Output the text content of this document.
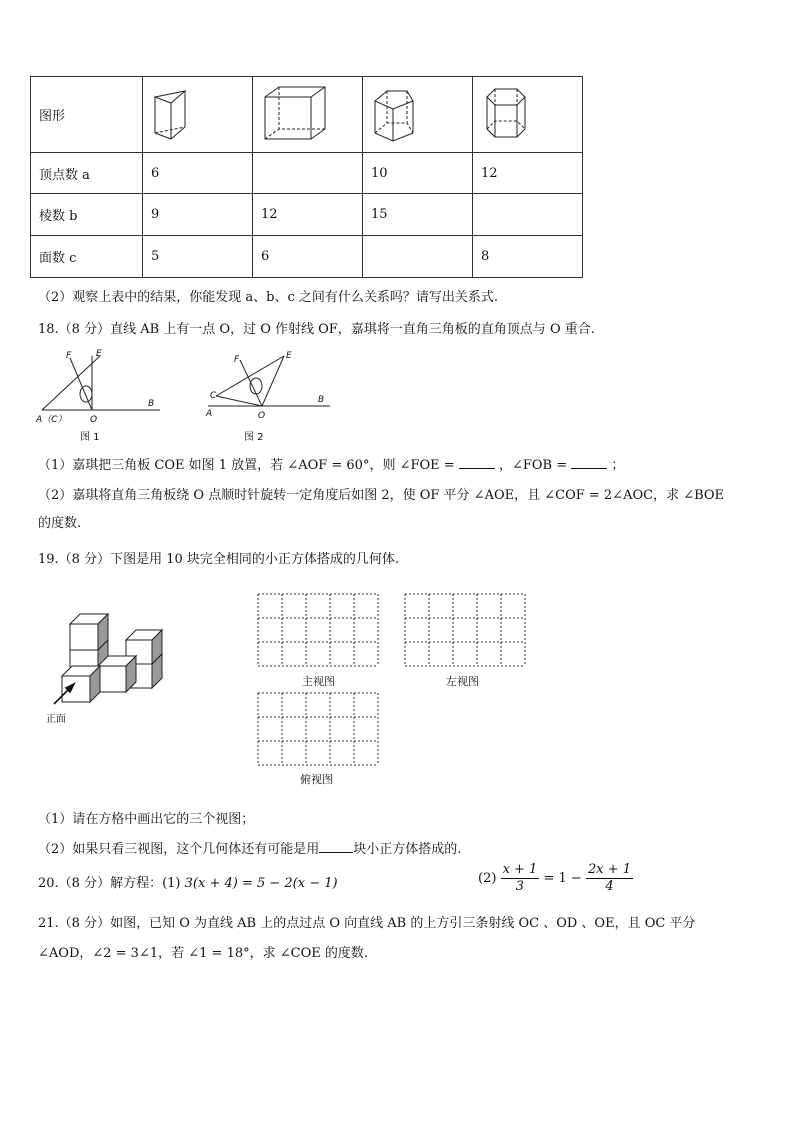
图形				
顶点数 a	6		10	12
棱数 b	9	12	15	
面数 c	5	6		8
（2）观察上表中的结果，你能发现 a、b、c 之间有什么关系吗？请写出关系式.
18.（8 分）直线 AB 上有一点 O，过 O 作射线 OF，嘉琪将一直角三角板的直角顶点与 O 重合.
F	E
A（C）	O
B
F	E
C
A	O
B
图 1	图 2
（1）嘉琪把三角板 COE 如图 1 放置，若 ∠AOF = 60°，则 ∠FOE =	，∠FOB =	；
（2）嘉琪将直角三角板绕 O 点顺时针旋转一定角度后如图 2，使 OF 平分 ∠AOE，且 ∠COF = 2∠AOC，求 ∠BOE
的度数.
19.（8 分）下图是用 10 块完全相同的小正方体搭成的几何体.
正面
主视图	左视图
俯视图
（1）请在方格中画出它的三个视图；
（2）如果只看三视图，这个几何体还有可能是用	块小正方体搭成的.
20.（8 分）解方程：(1) 3(x + 4) = 5 − 2(x − 1)	$(2) \frac{x + 1}{3} = 1 - \frac{2x + 1}{4}$
21.（8 分）如图，已知 O 为直线 AB 上的点过点 O 向直线 AB 的上方引三条射线 OC 、OD 、OE，且 OC 平分
∠AOD，∠2 = 3∠1，若 ∠1 = 18°，求 ∠COE 的度数.
